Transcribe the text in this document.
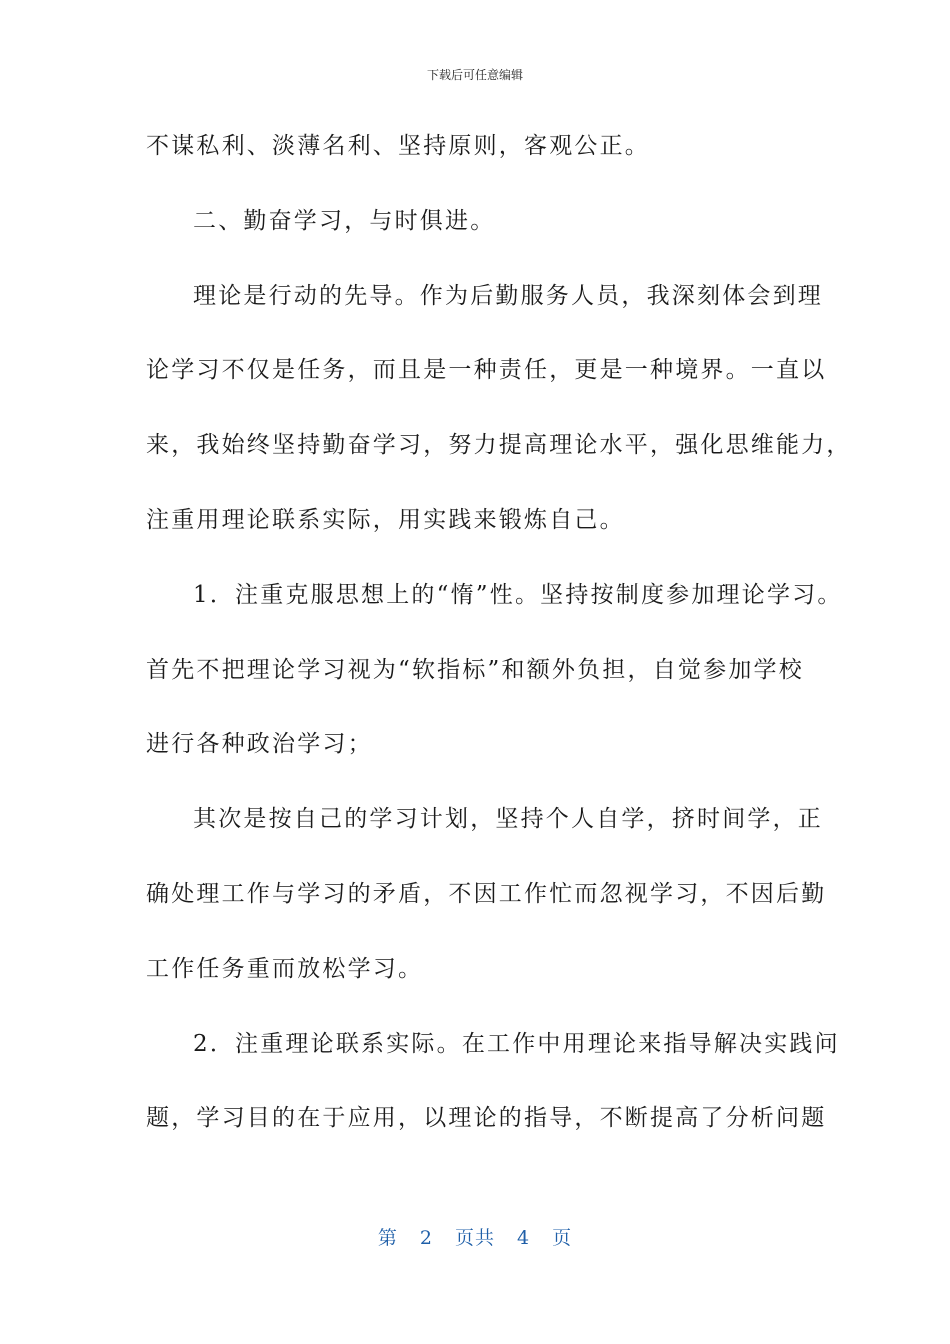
下载后可任意编辑
不谋私利、淡薄名利、坚持原则，客观公正。
二、勤奋学习，与时俱进。
理论是行动的先导。作为后勤服务人员，我深刻体会到理
论学习不仅是任务，而且是一种责任，更是一种境界。一直以
来，我始终坚持勤奋学习，努力提高理论水平，强化思维能力，
注重用理论联系实际，用实践来锻炼自己。
1．注重克服思想上的“惰”性。坚持按制度参加理论学习。
首先不把理论学习视为“软指标”和额外负担，自觉参加学校
进行各种政治学习；
其次是按自己的学习计划，坚持个人自学，挤时间学，正
确处理工作与学习的矛盾，不因工作忙而忽视学习，不因后勤
工作任务重而放松学习。
2．注重理论联系实际。在工作中用理论来指导解决实践问
题，学习目的在于应用，以理论的指导，不断提高了分析问题
第 2 页共 4 页
